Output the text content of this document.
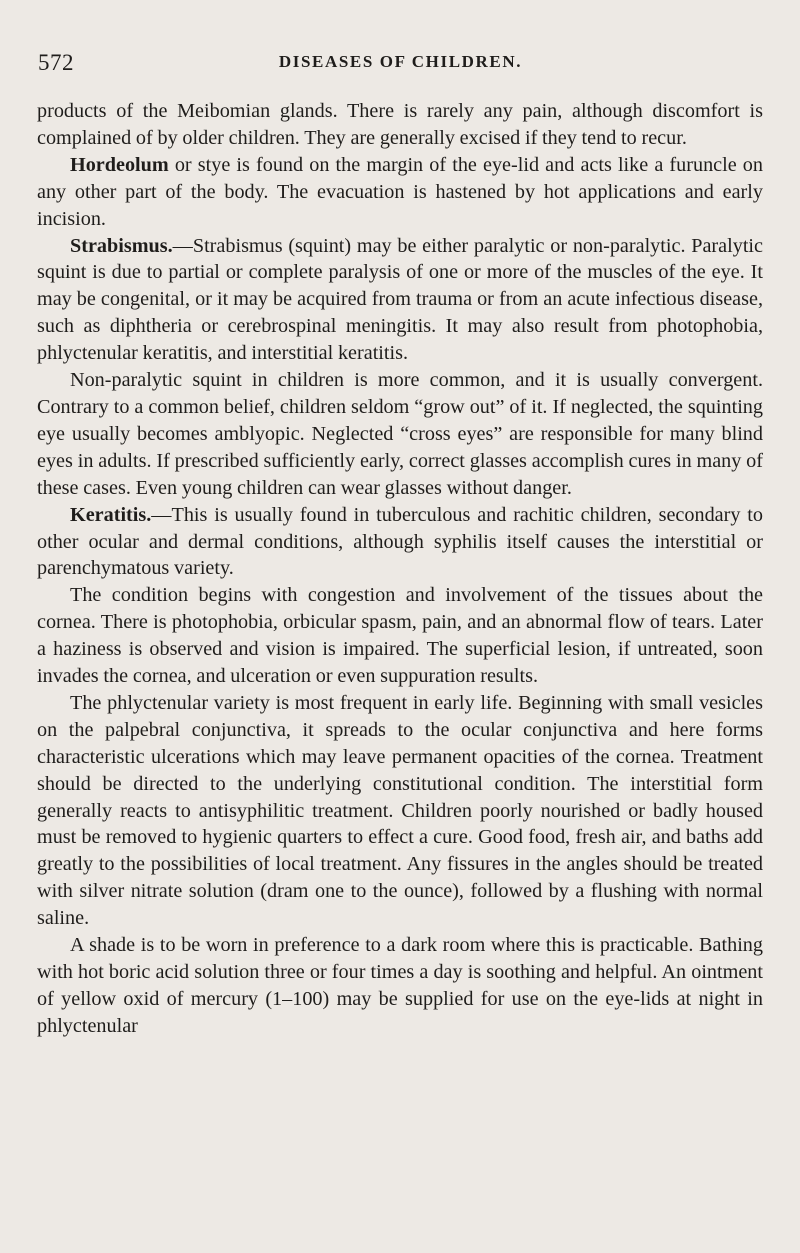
572	DISEASES OF CHILDREN.

products of the Meibomian glands. There is rarely any pain, although discomfort is complained of by older children. They are generally excised if they tend to recur.

Hordeolum or stye is found on the margin of the eye-lid and acts like a furuncle on any other part of the body. The evacuation is hastened by hot applications and early incision.

Strabismus.—Strabismus (squint) may be either paralytic or non-paralytic. Paralytic squint is due to partial or complete paralysis of one or more of the muscles of the eye. It may be congenital, or it may be acquired from trauma or from an acute infectious disease, such as diphtheria or cerebrospinal meningitis. It may also result from photophobia, phlyctenular keratitis, and interstitial keratitis.

Non-paralytic squint in children is more common, and it is usually convergent. Contrary to a common belief, children seldom “grow out” of it. If neglected, the squinting eye usually becomes amblyopic. Neglected “cross eyes” are responsible for many blind eyes in adults. If prescribed sufficiently early, correct glasses accomplish cures in many of these cases. Even young children can wear glasses without danger.

Keratitis.—This is usually found in tuberculous and rachitic children, secondary to other ocular and dermal conditions, although syphilis itself causes the interstitial or parenchymatous variety.

The condition begins with congestion and involvement of the tissues about the cornea. There is photophobia, orbicular spasm, pain, and an abnormal flow of tears. Later a haziness is observed and vision is impaired. The superficial lesion, if untreated, soon invades the cornea, and ulceration or even suppuration results.

The phlyctenular variety is most frequent in early life. Beginning with small vesicles on the palpebral conjunctiva, it spreads to the ocular conjunctiva and here forms characteristic ulcerations which may leave permanent opacities of the cornea. Treatment should be directed to the underlying constitutional condition. The interstitial form generally reacts to antisyphilitic treatment. Children poorly nourished or badly housed must be removed to hygienic quarters to effect a cure. Good food, fresh air, and baths add greatly to the possibilities of local treatment. Any fissures in the angles should be treated with silver nitrate solution (dram one to the ounce), followed by a flushing with normal saline.

A shade is to be worn in preference to a dark room where this is practicable. Bathing with hot boric acid solution three or four times a day is soothing and helpful. An ointment of yellow oxid of mercury (1–100) may be supplied for use on the eye-lids at night in phlyctenular
